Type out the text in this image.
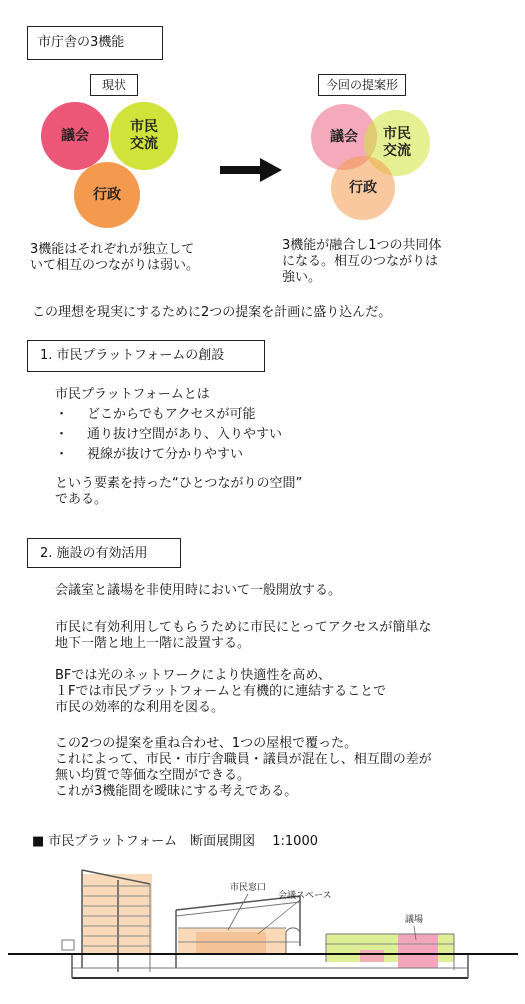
市庁舎の3機能
現状
議会
市民
交流
行政
3機能はそれぞれが独立して
いて相互のつながりは弱い。
今回の提案形
議会	市民
交流
行政
3機能が融合し1つの共同体
になる。相互のつながりは
強い。
この理想を現実にするために2つの提案を計画に盛り込んだ。
1. 市民プラットフォームの創設
市民プラットフォームとは
・ どこからでもアクセスが可能
・ 通り抜け空間があり、入りやすい
・ 視線が抜けて分かりやすい
という要素を持った“ひとつながりの空間”
である。
2. 施設の有効活用
会議室と議場を非使用時において一般開放する。
市民に有効利用してもらうために市民にとってアクセスが簡単な
地下一階と地上一階に設置する。
BFでは光のネットワークにより快適性を高め、
１Fでは市民プラットフォームと有機的に連結することで
市民の効率的な利用を図る。
この2つの提案を重ね合わせ、1つの屋根で覆った。
これによって、市民・市庁舎職員・議員が混在し、相互間の差が
無い均質で等価な空間ができる。
これが3機能間を曖昧にする考えである。
■ 市民プラットフォーム　断面展開図　 1:1000
市民窓口
会議スペース
議場
